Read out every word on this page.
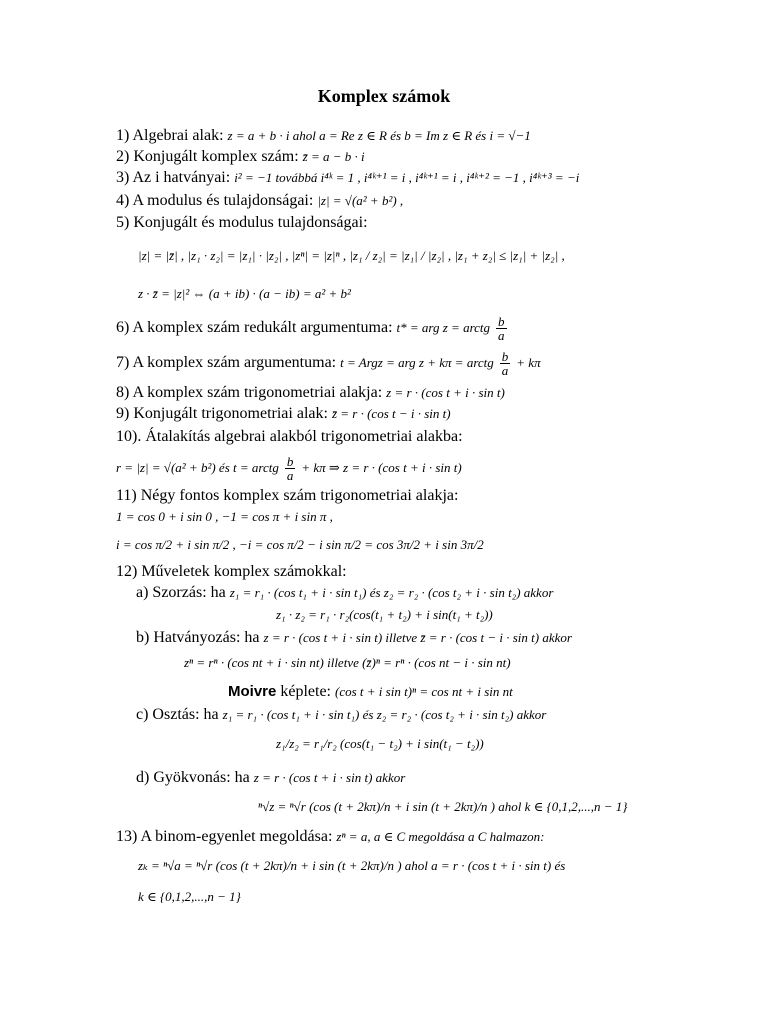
Komplex számok
1) Algebrai alak: z = a + b · i ahol a = Re z ∈ R és b = Im z ∈ R és i = √−1
2) Konjugált komplex szám: z̄ = a − b · i
3) Az i hatványai: i² = −1 továbbá i⁴ᵏ = 1 , i⁴ᵏ⁺¹ = i , i⁴ᵏ⁺¹ = i , i⁴ᵏ⁺² = −1 , i⁴ᵏ⁺³ = −i
4) A modulus és tulajdonságai: |z| = √(a² + b²) ,
5) Konjugált és modulus tulajdonságai:
|z| = |z̄| , |z₁ · z₂| = |z₁| · |z₂| , |zⁿ| = |z|ⁿ , |z₁ / z₂| = |z₁| / |z₂| , |z₁ + z₂| ≤ |z₁| + |z₂| ,
z · z̄ = |z|² ⇔ (a + ib) · (a − ib) = a² + b²
6) A komplex szám redukált argumentuma: t* = arg z = arctg $\frac{b}{a}$
7) A komplex szám argumentuma: t = Argz = arg z + kπ = arctg $\frac{b}{a} + k\pi$
8) A komplex szám trigonometriai alakja: z = r · (cos t + i · sin t)
9) Konjugált trigonometriai alak: z̄ = r · (cos t − i · sin t)
10). Átalakítás algebrai alakból trigonometriai alakba:
r = |z| = √(a² + b²) és t = arctg $\frac{b}{a} + k\pi$ ⇒ z = r · (cos t + i · sin t)
11) Négy fontos komplex szám trigonometriai alakja:
1 = cos 0 + i sin 0 , −1 = cos π + i sin π ,
i = cos π/2 + i sin π/2 , −i = cos π/2 − i sin π/2 = cos 3π/2 + i sin 3π/2
12) Műveletek komplex számokkal:
a) Szorzás: ha z₁ = r₁ · (cos t₁ + i · sin t₁) és z₂ = r₂ · (cos t₂ + i · sin t₂) akkor
z₁ · z₂ = r₁ · r₂(cos(t₁ + t₂) + i sin(t₁ + t₂))
b) Hatványozás: ha z = r · (cos t + i · sin t) illetve z̄ = r · (cos t − i · sin t) akkor
zⁿ = rⁿ · (cos nt + i · sin nt) illetve (z̄)ⁿ = rⁿ · (cos nt − i · sin nt)
Moivre képlete: (cos t + i sin t)ⁿ = cos nt + i sin nt
c) Osztás: ha z₁ = r₁ · (cos t₁ + i · sin t₁) és z₂ = r₂ · (cos t₂ + i · sin t₂) akkor
z₁/z₂ = r₁/r₂ (cos(t₁ − t₂) + i sin(t₁ − t₂))
d) Gyökvonás: ha z = r · (cos t + i · sin t) akkor
ⁿ√z = ⁿ√r (cos (t + 2kπ)/n + i sin (t + 2kπ)/n ) ahol k ∈ {0,1,2,...,n − 1}
13) A binom-egyenlet megoldása: zⁿ = a, a ∈ C megoldása a C halmazon:
zₖ = ⁿ√a = ⁿ√r (cos (t + 2kπ)/n + i sin (t + 2kπ)/n ) ahol a = r · (cos t + i · sin t) és
k ∈ {0,1,2,...,n − 1}
